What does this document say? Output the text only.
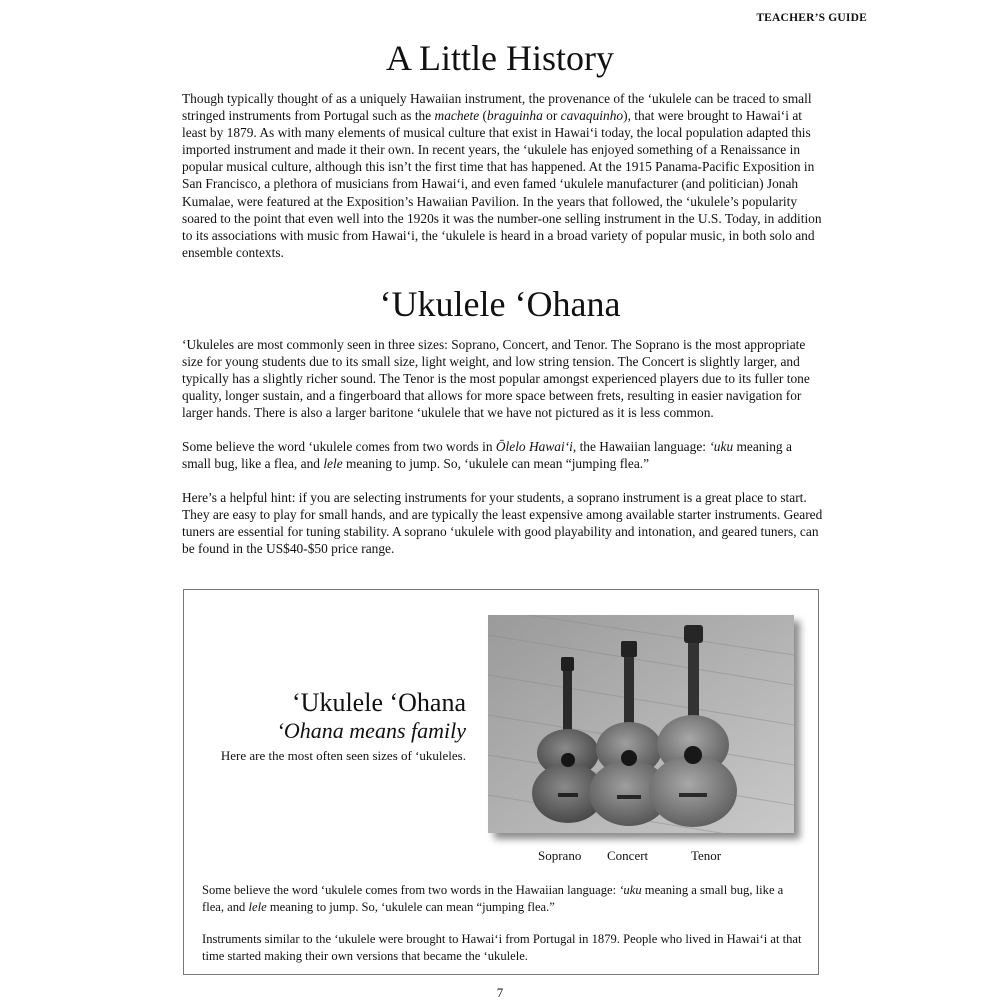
TEACHER’S GUIDE
A Little History

Though typically thought of as a uniquely Hawaiian instrument, the provenance of the ‘ukulele can be traced to small stringed instruments from Portugal such as the machete (braguinha or cavaquinho), that were brought to Hawai‘i at least by 1879. As with many elements of musical culture that exist in Hawai‘i today, the local population adapted this imported instrument and made it their own. In recent years, the ‘ukulele has enjoyed something of a Renaissance in popular musical culture, although this isn’t the first time that has happened. At the 1915 Panama-Pacific Exposition in San Francisco, a plethora of musicians from Hawai‘i, and even famed ‘ukulele manufacturer (and politician) Jonah Kumalae, were featured at the Exposition’s Hawaiian Pavilion. In the years that followed, the ‘ukulele’s popularity soared to the point that even well into the 1920s it was the number-one selling instrument in the U.S. Today, in addition to its associations with music from Hawai‘i, the ‘ukulele is heard in a broad variety of popular music, in both solo and ensemble contexts.

‘Ukulele ‘Ohana

‘Ukuleles are most commonly seen in three sizes: Soprano, Concert, and Tenor. The Soprano is the most appropriate size for young students due to its small size, light weight, and low string tension. The Concert is slightly larger, and typically has a slightly richer sound. The Tenor is the most popular amongst experienced players due to its fuller tone quality, longer sustain, and a fingerboard that allows for more space between frets, resulting in easier navigation for larger hands. There is also a larger baritone ‘ukulele that we have not pictured as it is less common.

Some believe the word ‘ukulele comes from two words in Ōlelo Hawai‘i, the Hawaiian language: ‘uku meaning a small bug, like a flea, and lele meaning to jump. So, ‘ukulele can mean “jumping flea.”

Here’s a helpful hint: if you are selecting instruments for your students, a soprano instrument is a great place to start. They are easy to play for small hands, and are typically the least expensive among available starter instruments. Geared tuners are essential for tuning stability. A soprano ‘ukulele with good playability and intonation, and geared tuners, can be found in the US$40-$50 price range.

‘Ukulele ‘Ohana
‘Ohana means family
Here are the most often seen sizes of ‘ukuleles.
Soprano Concert	Tenor

Some believe the word ‘ukulele comes from two words in the Hawaiian language: ‘uku meaning a small bug, like a flea, and lele meaning to jump. So, ‘ukulele can mean “jumping flea.”

Instruments similar to the ‘ukulele were brought to Hawai‘i from Portugal in 1879. People who lived in Hawai‘i at that time started making their own versions that became the ‘ukulele.

7
